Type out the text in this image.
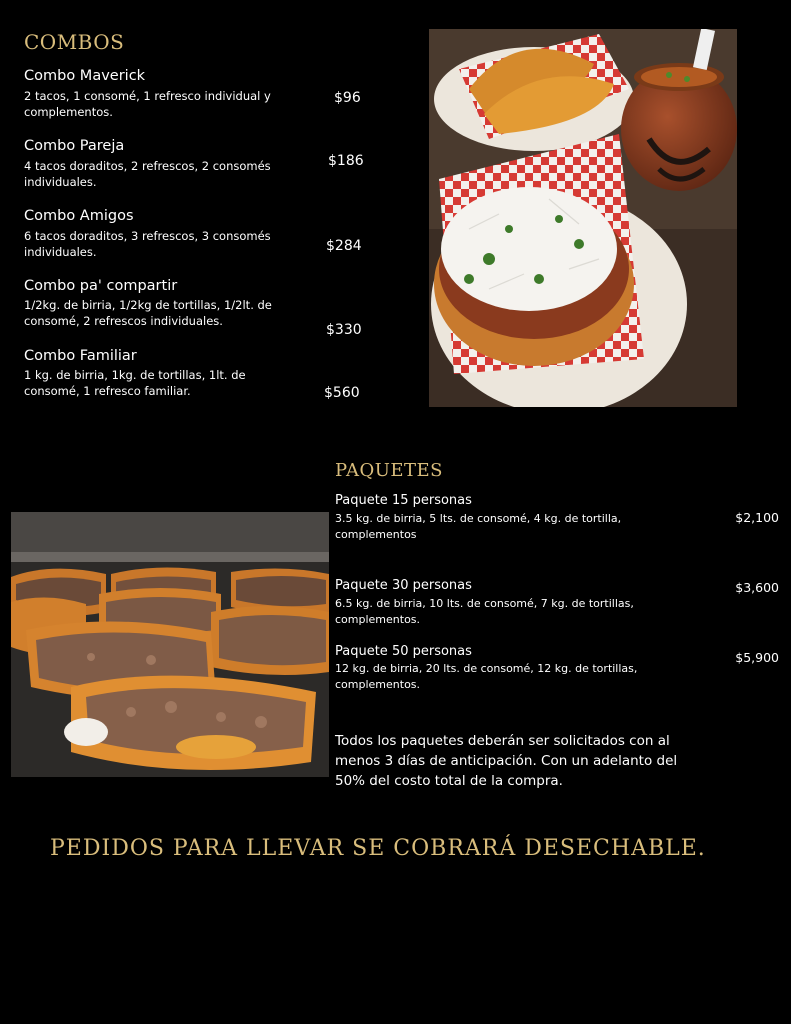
COMBOS
Combo Maverick
2 tacos, 1 consomé, 1 refresco individual y complementos.
$96
Combo Pareja
4 tacos doraditos, 2 refrescos, 2 consomés individuales.
$186
Combo Amigos
6 tacos doraditos, 3 refrescos, 3 consomés individuales.	$284
Combo pa' compartir
1/2kg. de birria, 1/2kg de tortillas, 1/2lt. de consomé, 2 refrescos individuales.
$330
Combo Familiar
1 kg. de birria, 1kg. de tortillas, 1lt. de consomé, 1 refresco familiar.	$560
PAQUETES
Paquete 15 personas
3.5 kg. de birria, 5 lts. de consomé, 4 kg. de tortilla, complementos
$2,100
Paquete 30 personas
6.5 kg. de birria, 10 lts. de consomé, 7 kg. de tortillas, complementos.
$3,600
Paquete 50 personas
12 kg. de birria, 20 lts. de consomé, 12 kg. de tortillas, complementos.
$5,900
Todos los paquetes deberán ser solicitados con al menos 3 días de anticipación. Con un adelanto del 50% del costo total de la compra.
PEDIDOS PARA LLEVAR SE COBRARÁ DESECHABLE.
